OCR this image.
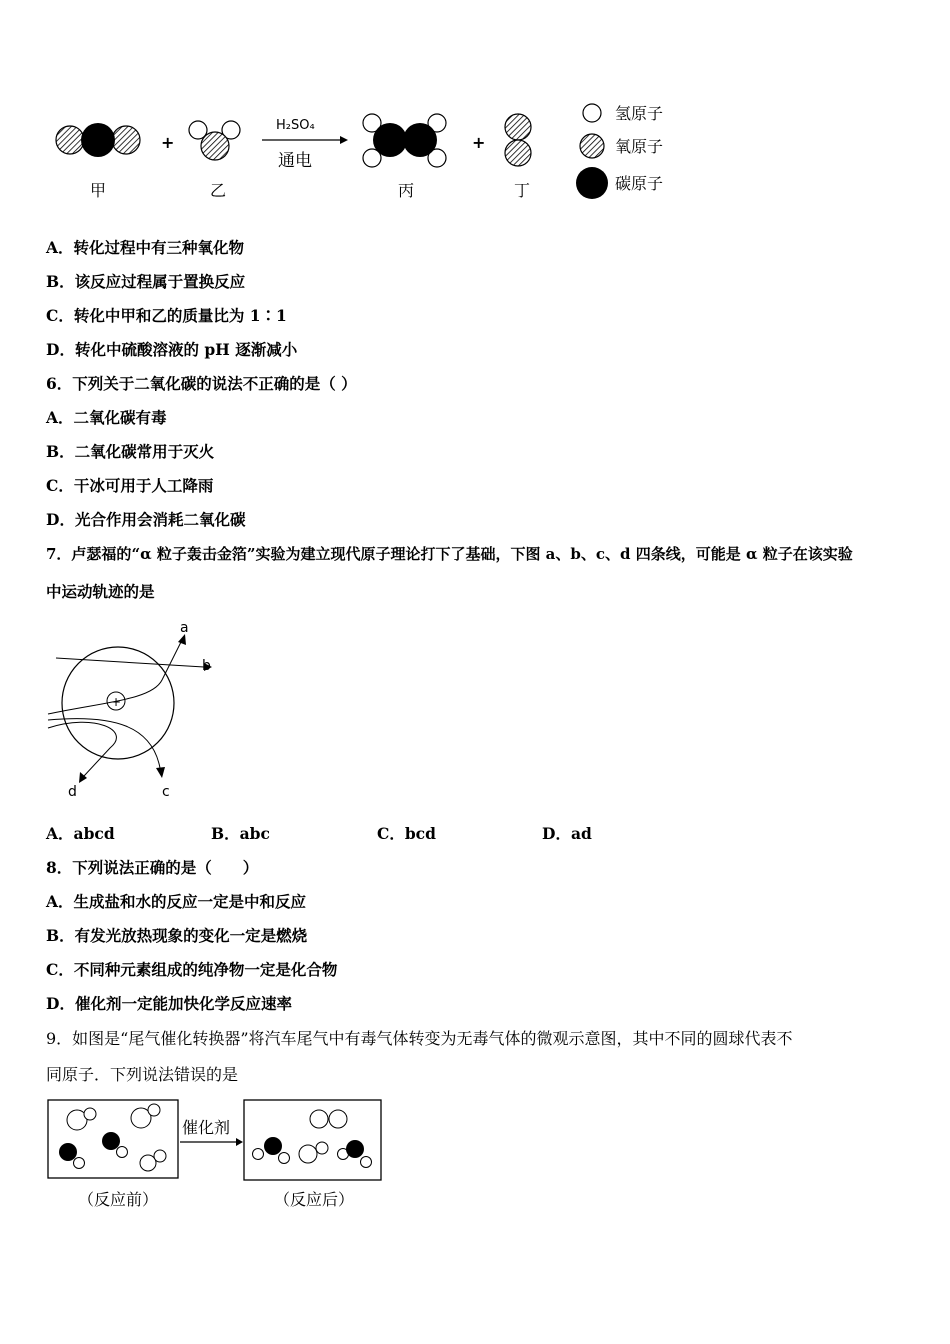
+
H₂SO₄
通电
+
甲	乙	丙	丁
氢原子
氧原子
碳原子
A．转化过程中有三种氧化物
B．该反应过程属于置换反应
C．转化中甲和乙的质量比为 1∶1
D．转化中硫酸溶液的 pH 逐渐减小
6．下列关于二氧化碳的说法不正确的是（ ）
A．二氧化碳有毒
B．二氧化碳常用于灭火
C．干冰可用于人工降雨
D．光合作用会消耗二氧化碳
7．卢瑟福的“α 粒子轰击金箔”实验为建立现代原子理论打下了基础，下图 a、b、c、d 四条线，可能是 α 粒子在该实验
中运动轨迹的是
+
a
b
c
d
A．abcd	B．abc	C．bcd	D．ad
8．下列说法正确的是（　　）
A．生成盐和水的反应一定是中和反应
B．有发光放热现象的变化一定是燃烧
C．不同种元素组成的纯净物一定是化合物
D．催化剂一定能加快化学反应速率
9．如图是“尾气催化转换器”将汽车尾气中有毒气体转变为无毒气体的微观示意图，其中不同的圆球代表不
同原子．下列说法错误的是
催化剂
（反应前）	（反应后）
